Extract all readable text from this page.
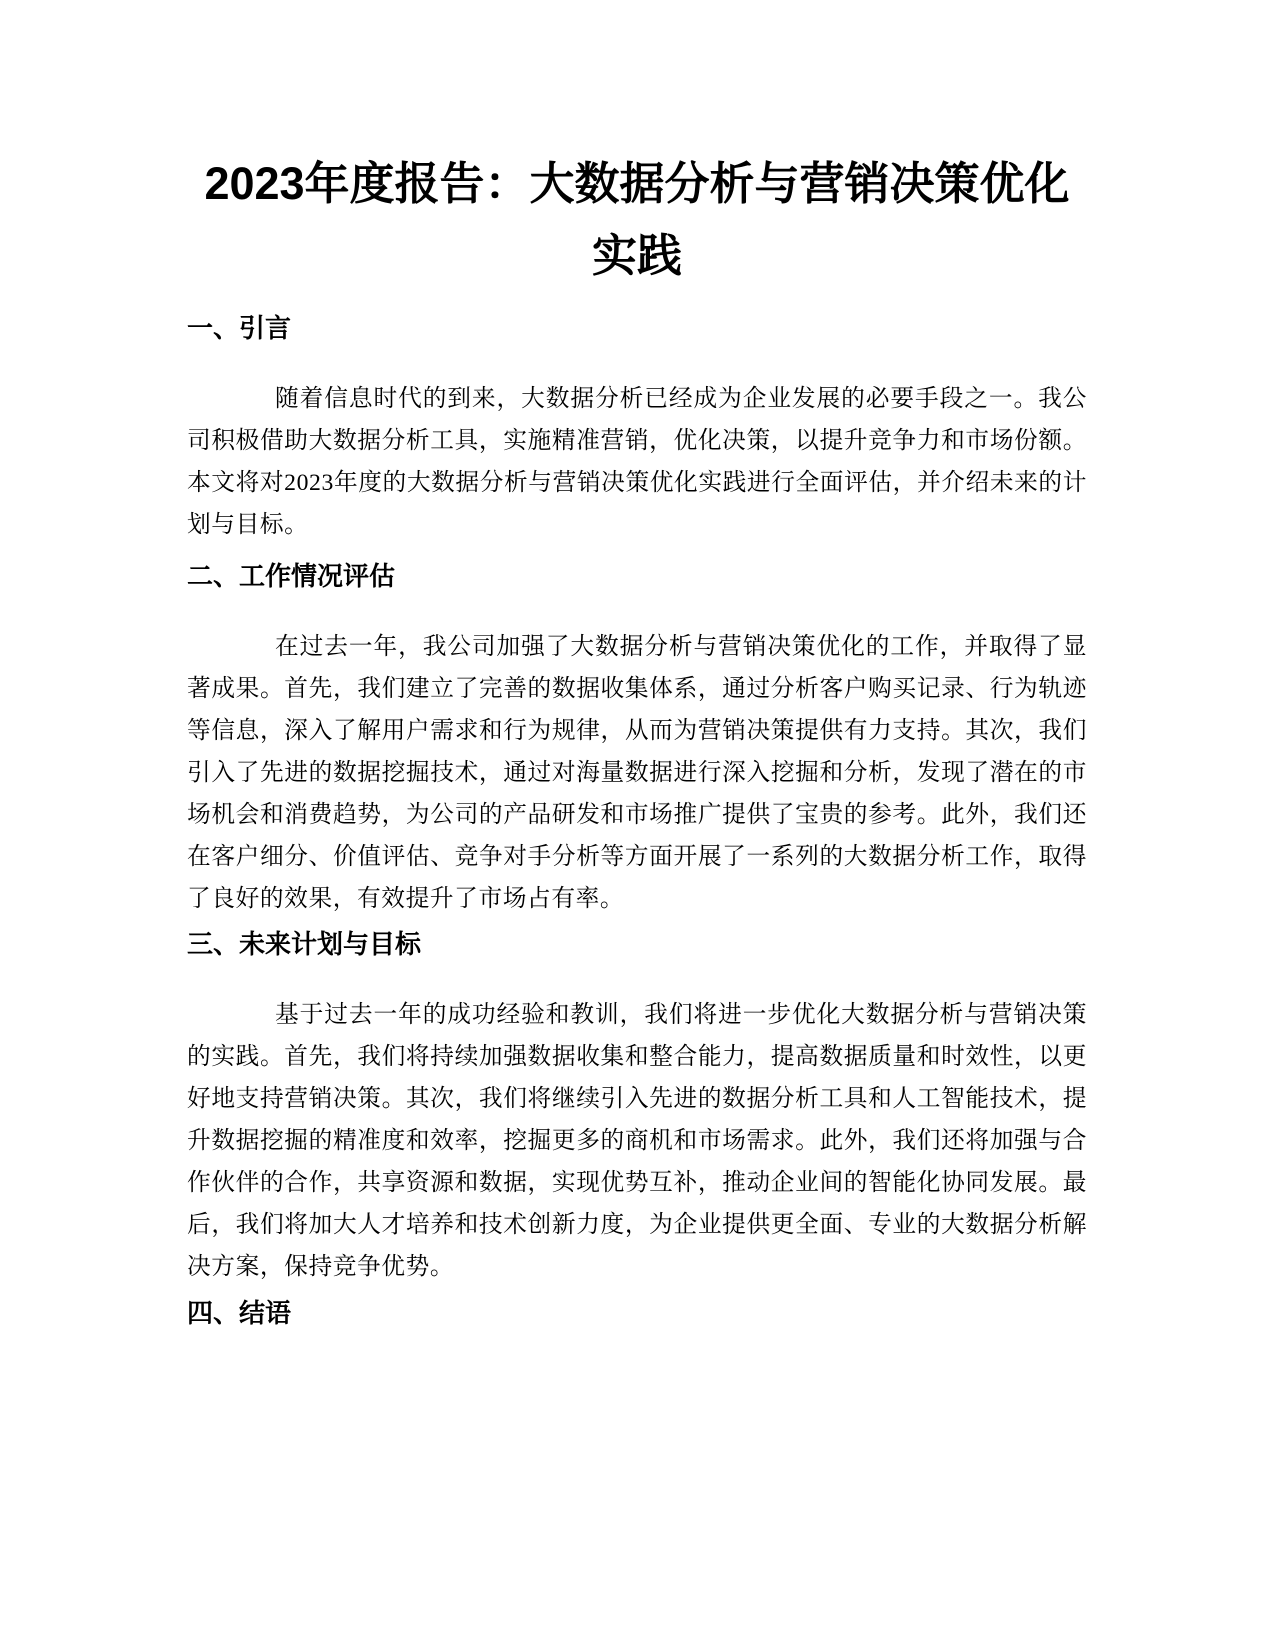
2023年度报告：大数据分析与营销决策优化
实践
一、引言

随着信息时代的到来，大数据分析已经成为企业发展的必要手段之一。我公司积极借助大数据分析工具，实施精准营销，优化决策，以提升竞争力和市场份额。本文将对2023年度的大数据分析与营销决策优化实践进行全面评估，并介绍未来的计划与目标。

二、工作情况评估

在过去一年，我公司加强了大数据分析与营销决策优化的工作，并取得了显著成果。首先，我们建立了完善的数据收集体系，通过分析客户购买记录、行为轨迹等信息，深入了解用户需求和行为规律，从而为营销决策提供有力支持。其次，我们引入了先进的数据挖掘技术，通过对海量数据进行深入挖掘和分析，发现了潜在的市场机会和消费趋势，为公司的产品研发和市场推广提供了宝贵的参考。此外，我们还在客户细分、价值评估、竞争对手分析等方面开展了一系列的大数据分析工作，取得了良好的效果，有效提升了市场占有率。

三、未来计划与目标

基于过去一年的成功经验和教训，我们将进一步优化大数据分析与营销决策的实践。首先，我们将持续加强数据收集和整合能力，提高数据质量和时效性，以更好地支持营销决策。其次，我们将继续引入先进的数据分析工具和人工智能技术，提升数据挖掘的精准度和效率，挖掘更多的商机和市场需求。此外，我们还将加强与合作伙伴的合作，共享资源和数据，实现优势互补，推动企业间的智能化协同发展。最后，我们将加大人才培养和技术创新力度，为企业提供更全面、专业的大数据分析解决方案，保持竞争优势。

四、结语
